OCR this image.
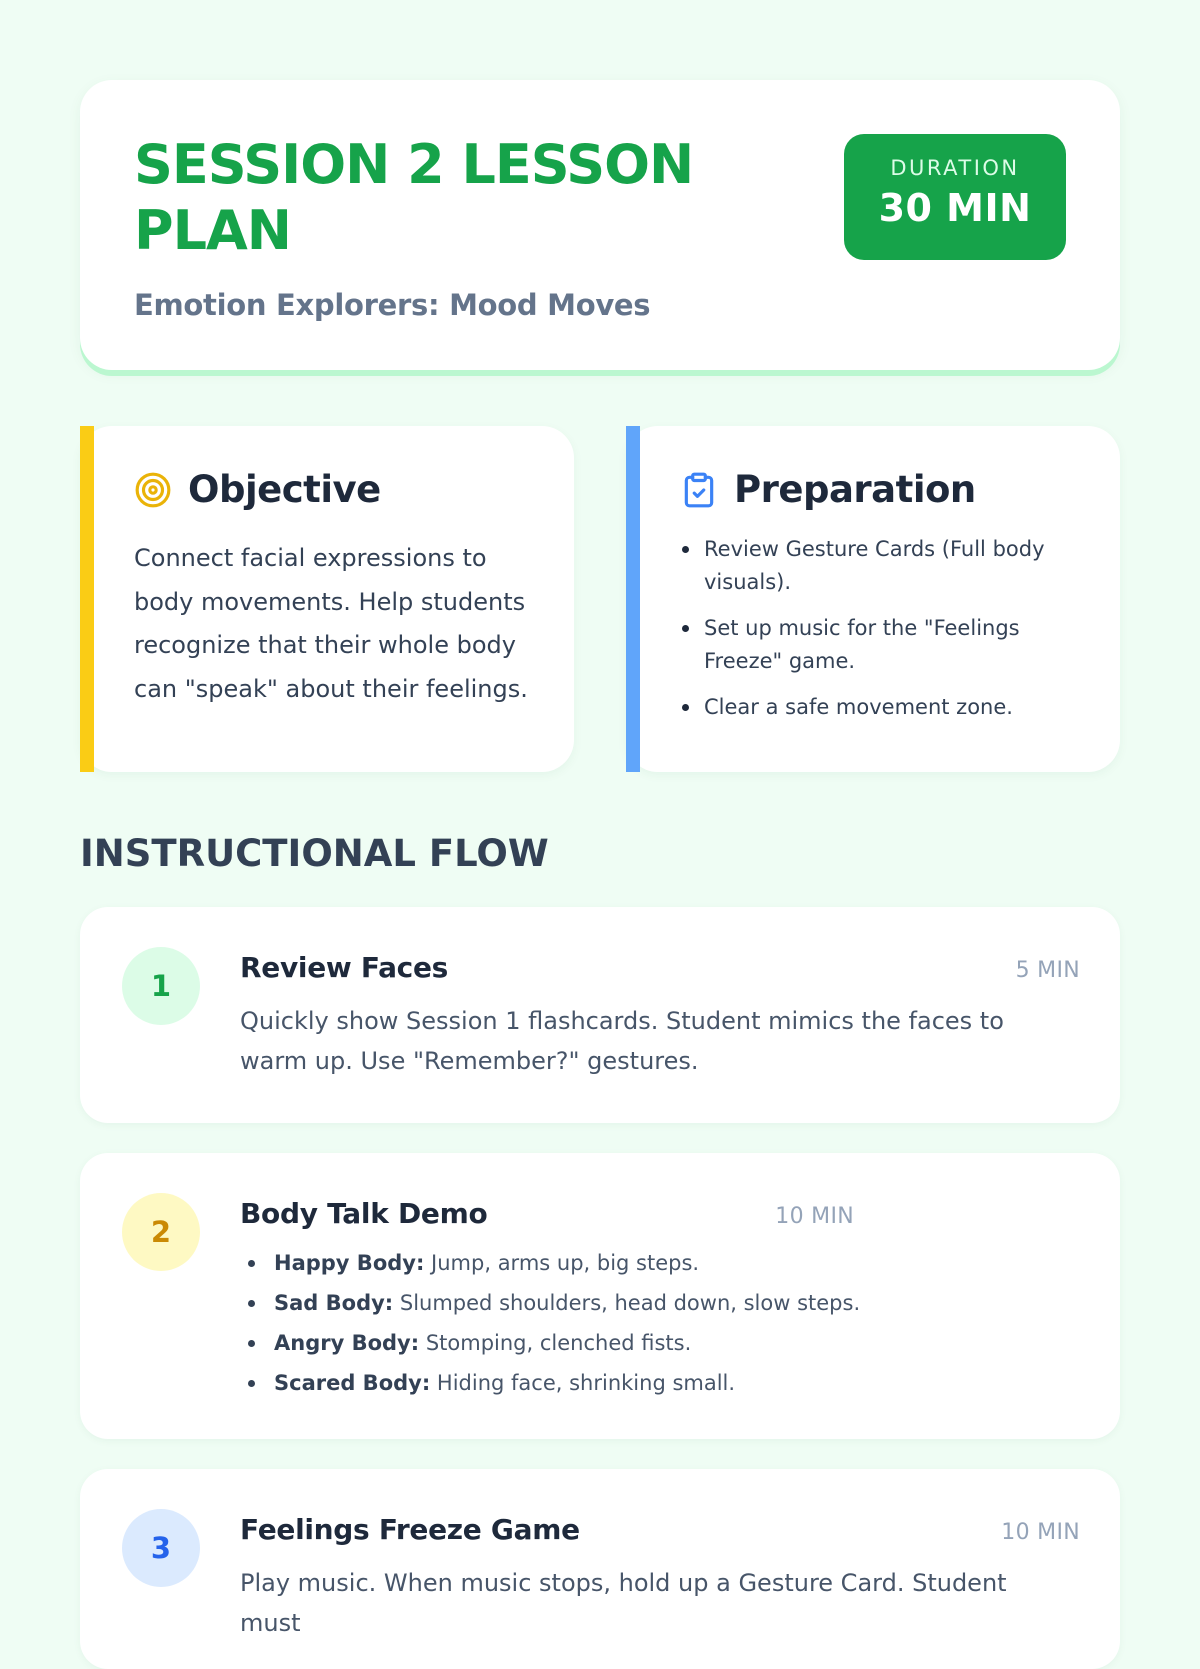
SESSION 2 LESSON PLAN
Emotion Explorers: Mood Moves
DURATION
30 MIN
Objective

Connect facial expressions to body movements. Help students recognize that their whole body can "speak" about their feelings.

Preparation
Review Gesture Cards (Full body visuals).
Set up music for the "Feelings Freeze" game.
Clear a safe movement zone.
INSTRUCTIONAL FLOW
1
Review Faces	5 MIN

Quickly show Session 1 flashcards. Student mimics the faces to warm up. Use "Remember?" gestures.

2
Body Talk Demo	10 MIN
Happy Body: Jump, arms up, big steps.
Sad Body: Slumped shoulders, head down, slow steps.
Angry Body: Stomping, clenched fists.
Scared Body: Hiding face, shrinking small.
3
Feelings Freeze Game	10 MIN

Play music. When music stops, hold up a Gesture Card. Student must
